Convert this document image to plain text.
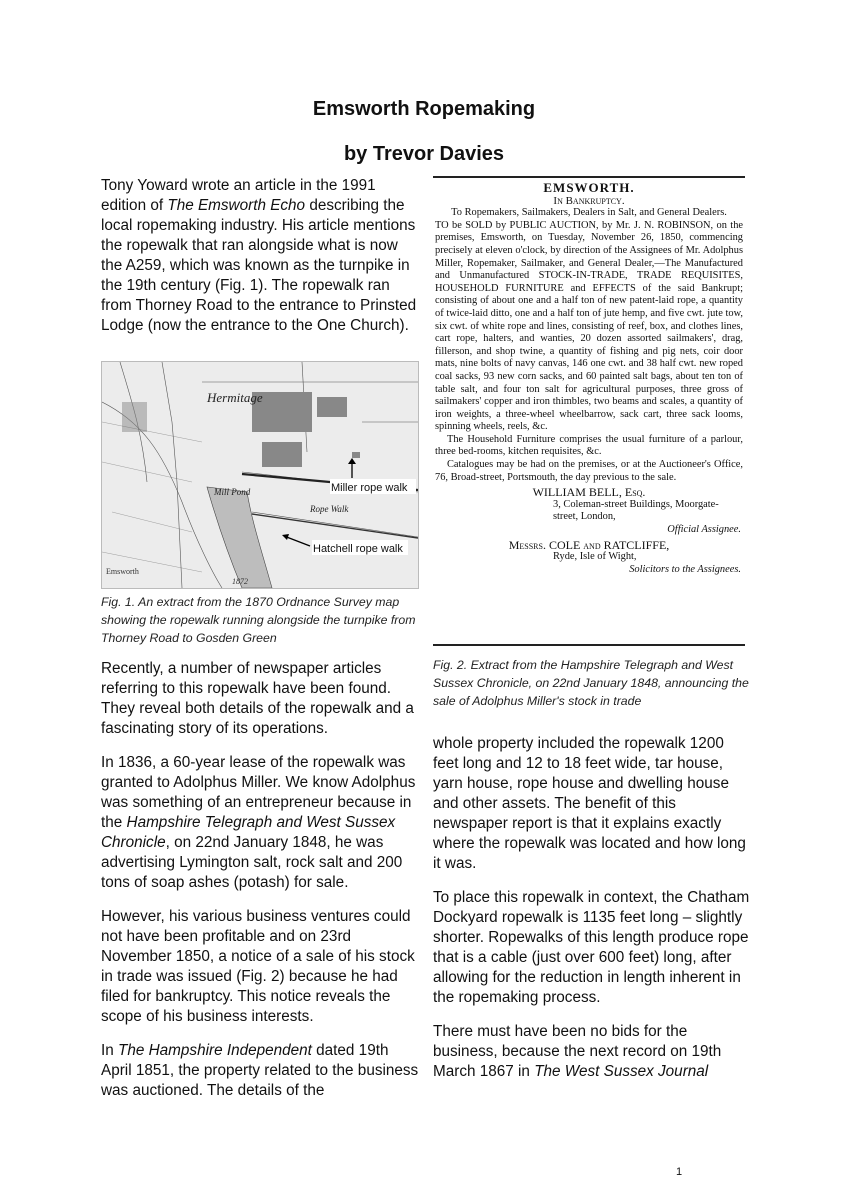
Emsworth Ropemaking
by Trevor Davies

Tony Yoward wrote an article in the 1991 edition of The Emsworth Echo describing the local ropemaking industry. His article mentions the ropewalk that ran alongside what is now the A259, which was known as the turnpike in the 19th century (Fig. 1). The ropewalk ran from Thorney Road to the entrance to Prinsted Lodge (now the entrance to the One Church).

Hermitage
Mill Pond
Rope Walk
Emsworth
1872
Miller rope walk
Hatchell rope walk
Fig. 1. An extract from the 1870 Ordnance Survey map showing the ropewalk running alongside the turnpike from Thorney Road to Gosden Green

Recently, a number of newspaper articles referring to this ropewalk have been found. They reveal both details of the ropewalk and a fascinating story of its operations.

In 1836, a 60-year lease of the ropewalk was granted to Adolphus Miller. We know Adolphus was something of an entrepreneur because in the Hampshire Telegraph and West Sussex Chronicle, on 22nd January 1848, he was advertising Lymington salt, rock salt and 200 tons of soap ashes (potash) for sale.

However, his various business ventures could not have been profitable and on 23rd November 1850, a notice of a sale of his stock in trade was issued (Fig. 2) because he had filed for bankruptcy. This notice reveals the scope of his business interests.

In The Hampshire Independent dated 19th April 1851, the property related to the business was auctioned. The details of the

EMSWORTH.
In Bankruptcy.
To Ropemakers, Sailmakers, Dealers in Salt, and General Dealers.
TO be SOLD by PUBLIC AUCTION, by Mr. J. N. ROBINSON, on the premises, Emsworth, on Tuesday, November 26, 1850, commencing precisely at eleven o'clock, by direction of the Assignees of Mr. Adolphus Miller, Ropemaker, Sailmaker, and General Dealer,—The Manufactured and Unmanufactured STOCK-IN-TRADE, TRADE REQUISITES, HOUSEHOLD FURNITURE and EFFECTS of the said Bankrupt; consisting of about one and a half ton of new patent-laid rope, a quantity of twice-laid ditto, one and a half ton of jute hemp, and five cwt. jute tow, six cwt. of white rope and lines, consisting of reef, box, and clothes lines, cart rope, halters, and wanties, 20 dozen assorted sailmakers', drag, fillerson, and shop twine, a quantity of fishing and pig nets, coir door mats, nine bolts of navy canvas, 146 one cwt. and 38 half cwt. new roped coal sacks, 93 new corn sacks, and 60 painted salt bags, about ten ton of table salt, and four ton salt for agricultural purposes, three gross of sailmakers' copper and iron thimbles, two beams and scales, a quantity of iron weights, a three-wheel wheelbarrow, sack cart, three sack looms, spinning wheels, reels, &c.
The Household Furniture comprises the usual furniture of a parlour, three bed-rooms, kitchen requisites, &c.
Catalogues may be had on the premises, or at the Auctioneer's Office, 76, Broad-street, Portsmouth, the day previous to the sale.
WILLIAM BELL, Esq.
3, Coleman-street Buildings, Moorgate-
street, London,
Official Assignee.
Messrs. COLE and RATCLIFFE,
Ryde, Isle of Wight,
Solicitors to the Assignees.
Fig. 2. Extract from the Hampshire Telegraph and West Sussex Chronicle, on 22nd January 1848, announcing the sale of Adolphus Miller's stock in trade

whole property included the ropewalk 1200 feet long and 12 to 18 feet wide, tar house, yarn house, rope house and dwelling house and other assets. The benefit of this newspaper report is that it explains exactly where the ropewalk was located and how long it was.

To place this ropewalk in context, the Chatham Dockyard ropewalk is 1135 feet long – slightly shorter. Ropewalks of this length produce rope that is a cable (just over 600 feet) long, after allowing for the reduction in length inherent in the ropemaking process.

There must have been no bids for the business, because the next record on 19th March 1867 in The West Sussex Journal

1
